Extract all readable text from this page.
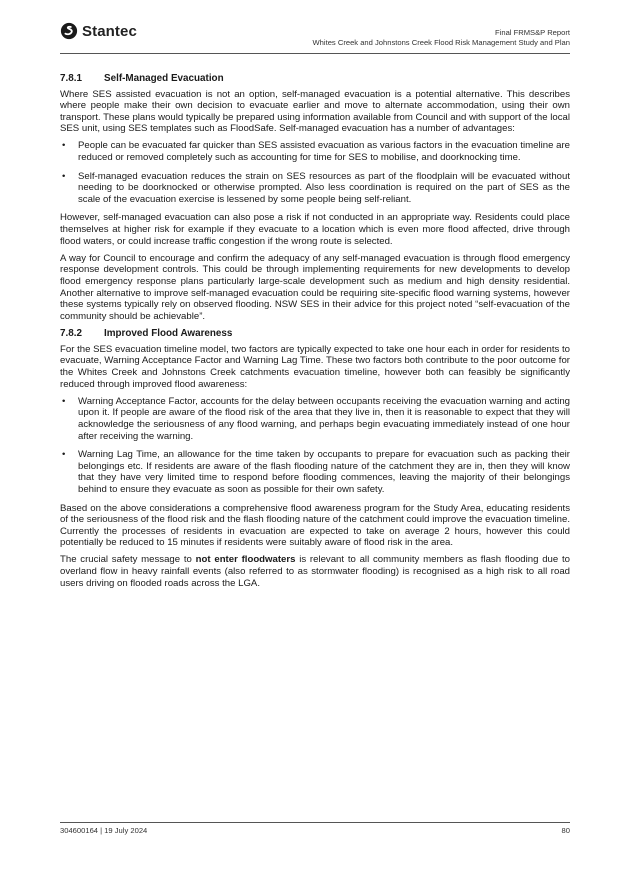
Stantec	Final FRMS&P Report
Whites Creek and Johnstons Creek Flood Risk Management Study and Plan
7.8.1 Self-Managed Evacuation

Where SES assisted evacuation is not an option, self-managed evacuation is a potential alternative. This describes where people make their own decision to evacuate earlier and move to alternate accommodation, using their own transport. These plans would typically be prepared using information available from Council and with support of the local SES unit, using SES templates such as FloodSafe. Self-managed evacuation has a number of advantages:

• People can be evacuated far quicker than SES assisted evacuation as various factors in the evacuation timeline are reduced or removed completely such as accounting for time for SES to mobilise, and doorknocking time.
• Self-managed evacuation reduces the strain on SES resources as part of the floodplain will be evacuated without needing to be doorknocked or otherwise prompted. Also less coordination is required on the part of SES as the scale of the evacuation exercise is lessened by some people being self-reliant.

However, self-managed evacuation can also pose a risk if not conducted in an appropriate way. Residents could place themselves at higher risk for example if they evacuate to a location which is even more flood affected, drive through flood waters, or could increase traffic congestion if the wrong route is selected.

A way for Council to encourage and confirm the adequacy of any self-managed evacuation is through flood emergency response development controls. This could be through implementing requirements for new developments to develop flood emergency response plans particularly large-scale development such as medium and high density residential. Another alternative to improve self-managed evacuation could be requiring site-specific flood warning systems, however these systems typically rely on observed flooding. NSW SES in their advice for this project noted “self-evacuation of the community should be achievable”.

7.8.2 Improved Flood Awareness

For the SES evacuation timeline model, two factors are typically expected to take one hour each in order for residents to evacuate, Warning Acceptance Factor and Warning Lag Time. These two factors both contribute to the poor outcome for the Whites Creek and Johnstons Creek catchments evacuation timeline, however both can feasibly be significantly reduced through improved flood awareness:

• Warning Acceptance Factor, accounts for the delay between occupants receiving the evacuation warning and acting upon it. If people are aware of the flood risk of the area that they live in, then it is reasonable to expect that they will acknowledge the seriousness of any flood warning, and perhaps begin evacuating immediately instead of one hour after receiving the warning.
• Warning Lag Time, an allowance for the time taken by occupants to prepare for evacuation such as packing their belongings etc. If residents are aware of the flash flooding nature of the catchment they are in, then they will know that they have very limited time to respond before flooding commences, leaving the majority of their belongings behind to ensure they evacuate as soon as possible for their own safety.

Based on the above considerations a comprehensive flood awareness program for the Study Area, educating residents of the seriousness of the flood risk and the flash flooding nature of the catchment could improve the evacuation timeline. Currently the processes of residents in evacuation are expected to take on average 2 hours, however this could potentially be reduced to 15 minutes if residents were suitably aware of flood risk in the area.

The crucial safety message to not enter floodwaters is relevant to all community members as flash flooding due to overland flow in heavy rainfall events (also referred to as stormwater flooding) is recognised as a high risk to all road users driving on flooded roads across the LGA.

304600164 | 19 July 2024	80
